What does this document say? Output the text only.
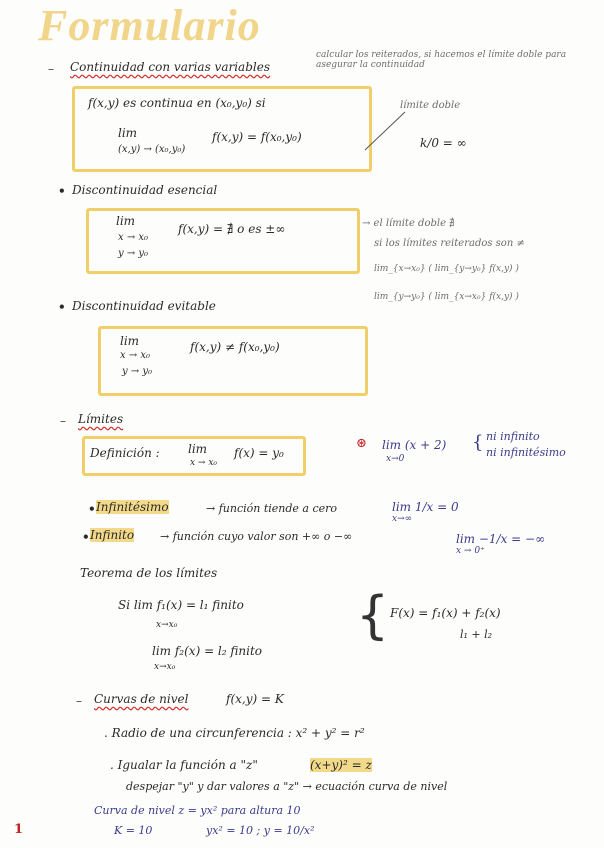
Formulario
– Continuidad con varias variables
calcular los reiterados, si hacemos el límite doble para asegurar la continuidad
f(x,y) es continua en (x₀,y₀) si
lim
(x,y) → (x₀,y₀)
f(x,y) = f(x₀,y₀)
límite doble
k/0 = ∞
• Discontinuidad esencial
lim
x → x₀
y → y₀
f(x,y) = ∄ o es ±∞	→ el límite doble ∄
si los límites reiterados son ≠
lim_{x→x₀} ( lim_{y→y₀} f(x,y) )
lim_{y→y₀} ( lim_{x→x₀} f(x,y) )
• Discontinuidad evitable
lim
x → x₀
y → y₀
f(x,y) ≠ f(x₀,y₀)
– Límites
Definición : lim
x → x₀
f(x) = y₀
⊛ lim (x + 2)
x→0
{ ni infinito
ni infinitésimo
• Infinitésimo	→ función tiende a cero	lim 1/x = 0
x→∞
• Infinito → función cuyo valor son +∞ o −∞	lim −1/x = −∞
x → 0⁺
Teorema de los límites
Si lim f₁(x) = l₁ finito
x→x₀
lim f₂(x) = l₂ finito
x→x₀
{ F(x) = f₁(x) + f₂(x)
l₁ + l₂
– Curvas de nivel	f(x,y) = K
. Radio de una circunferencia : x² + y² = r²
. Igualar la función a "z"	(x+y)² = z
despejar "y" y dar valores a "z" → ecuación curva de nivel
Curva de nivel z = yx² para altura 10
K = 10	yx² = 10 ; y = 10/x²
1
